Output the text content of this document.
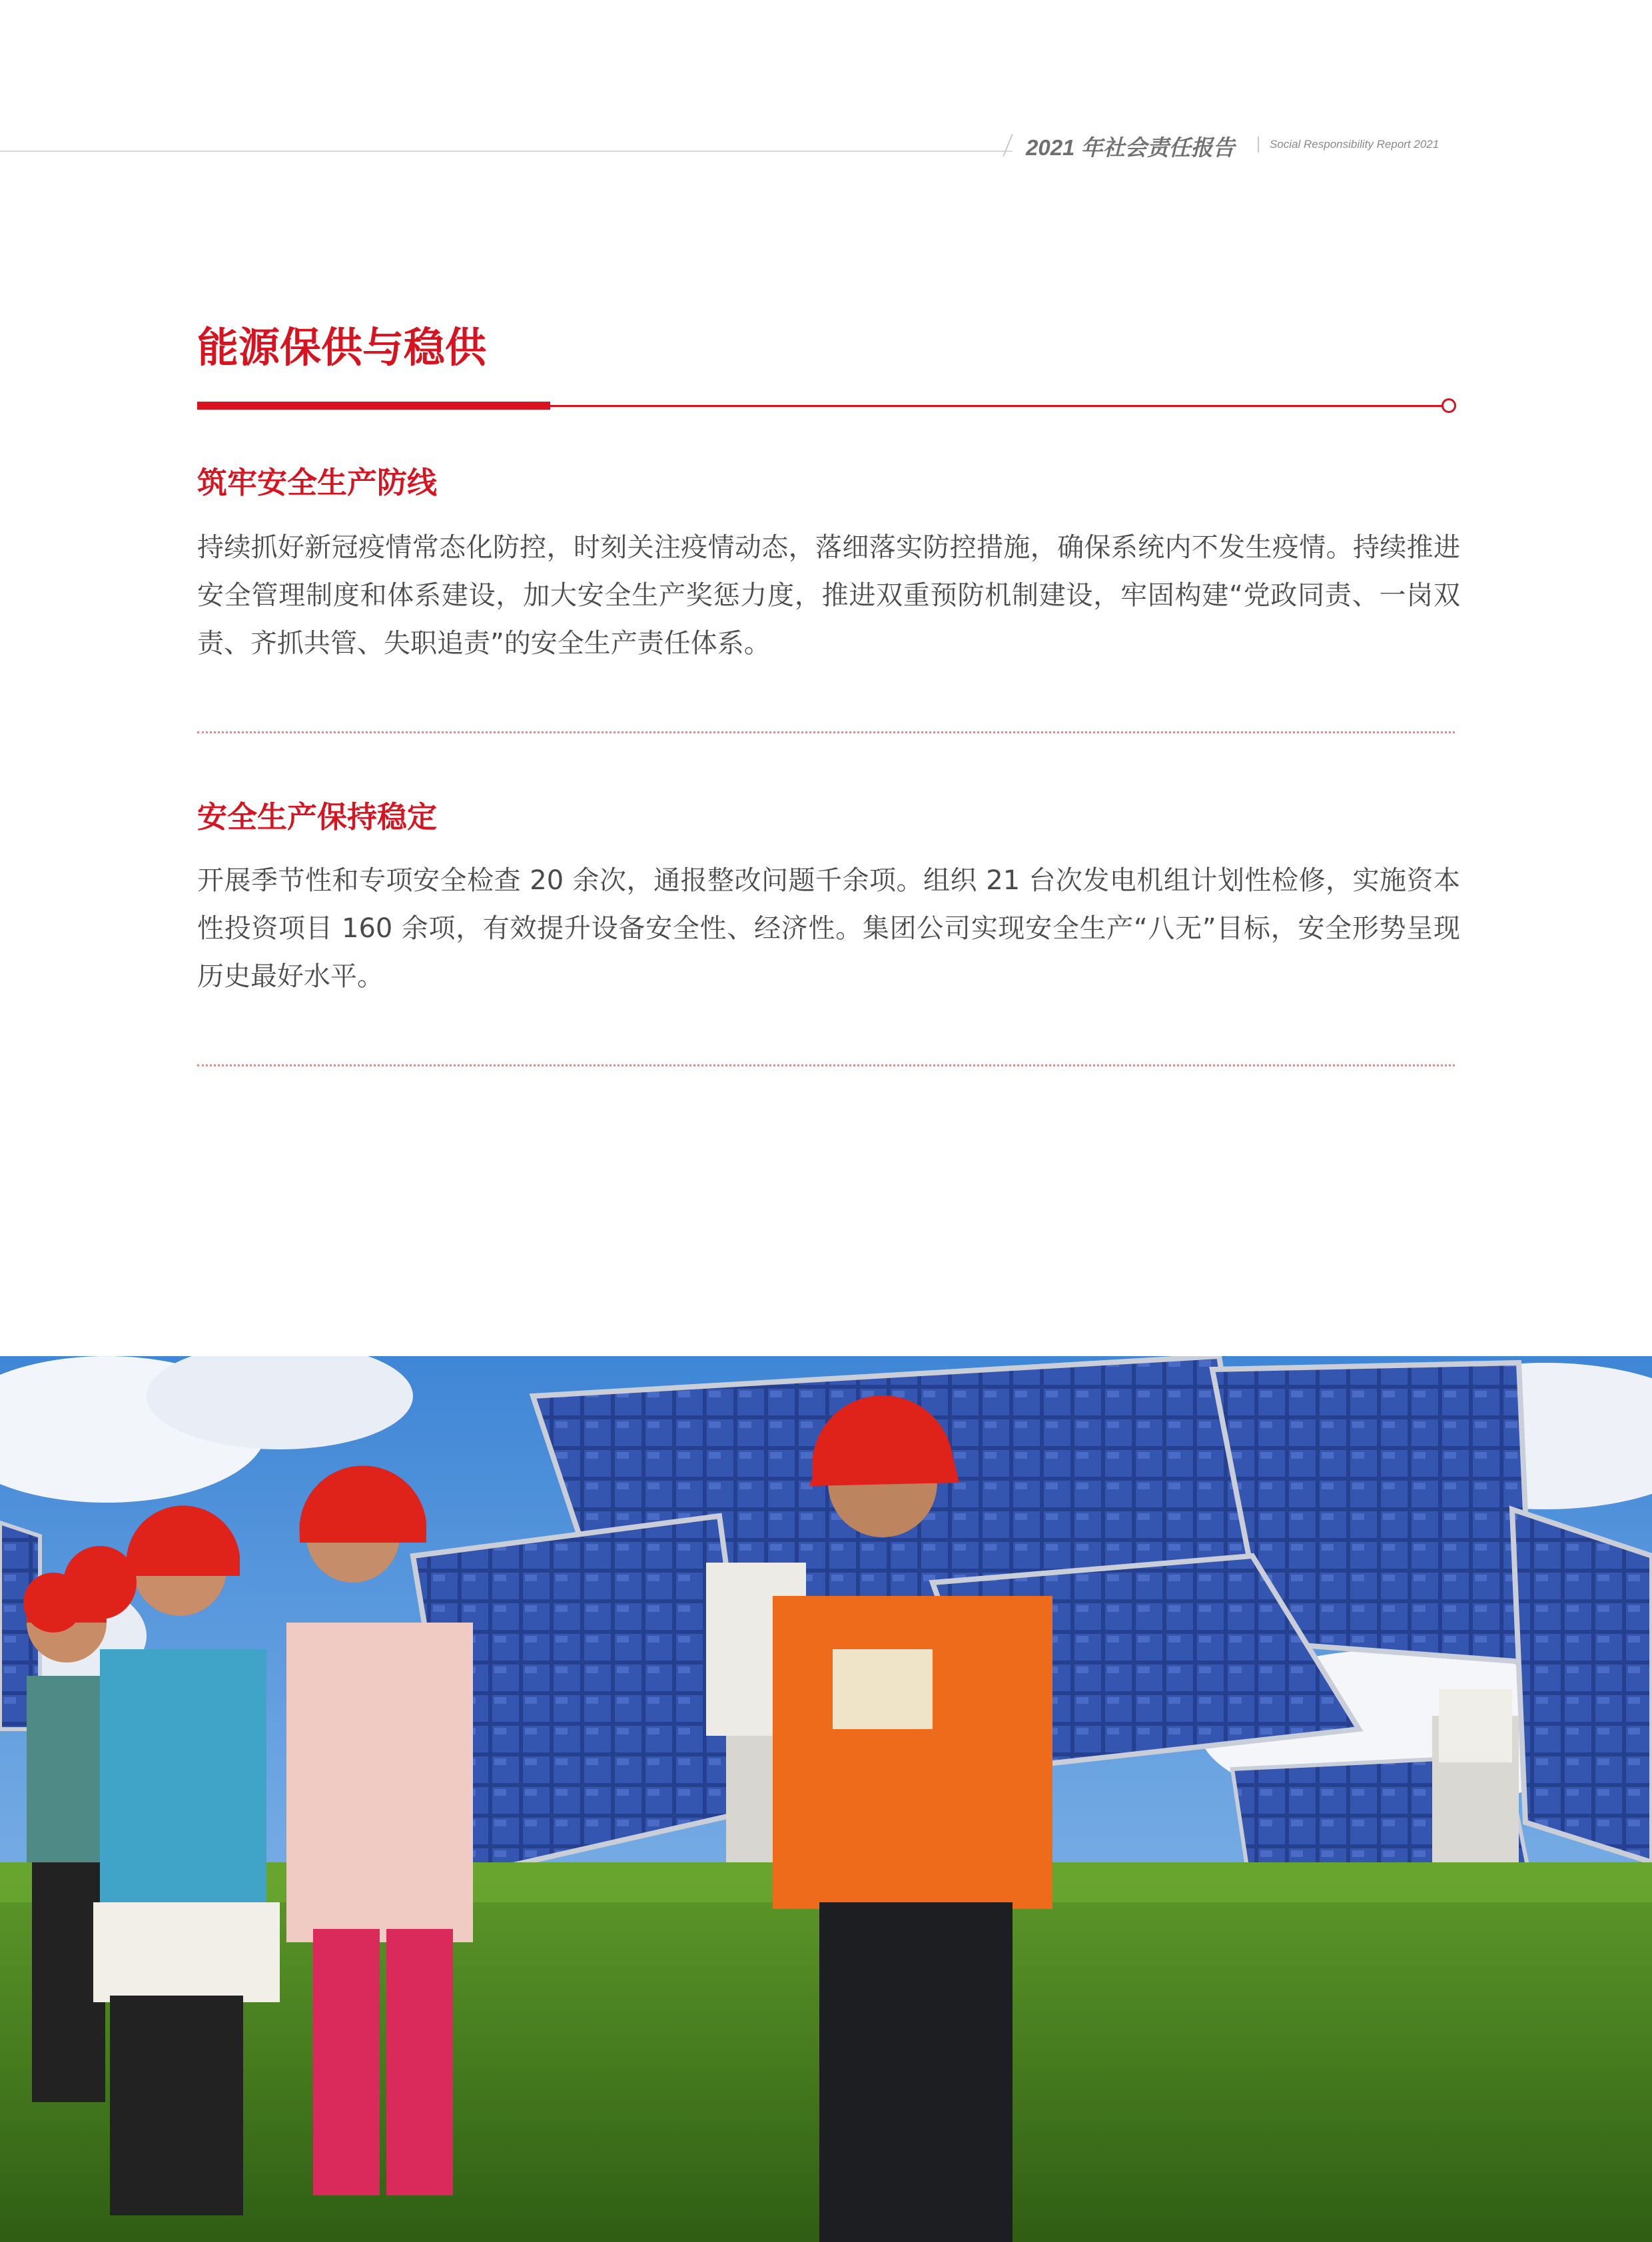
2021 年社会责任报告	Social Responsibility Report 2021
能源保供与稳供
筑牢安全生产防线

持续抓好新冠疫情常态化防控，时刻关注疫情动态，落细落实防控措施，确保系统内不发生疫情。持续推进安全管理制度和体系建设，加大安全生产奖惩力度，推进双重预防机制建设，牢固构建“党政同责、一岗双责、齐抓共管、失职追责”的安全生产责任体系。

安全生产保持稳定

开展季节性和专项安全检查 20 余次，通报整改问题千余项。组织 21 台次发电机组计划性检修，实施资本性投资项目 160 余项，有效提升设备安全性、经济性。集团公司实现安全生产“八无”目标，安全形势呈现历史最好水平。
